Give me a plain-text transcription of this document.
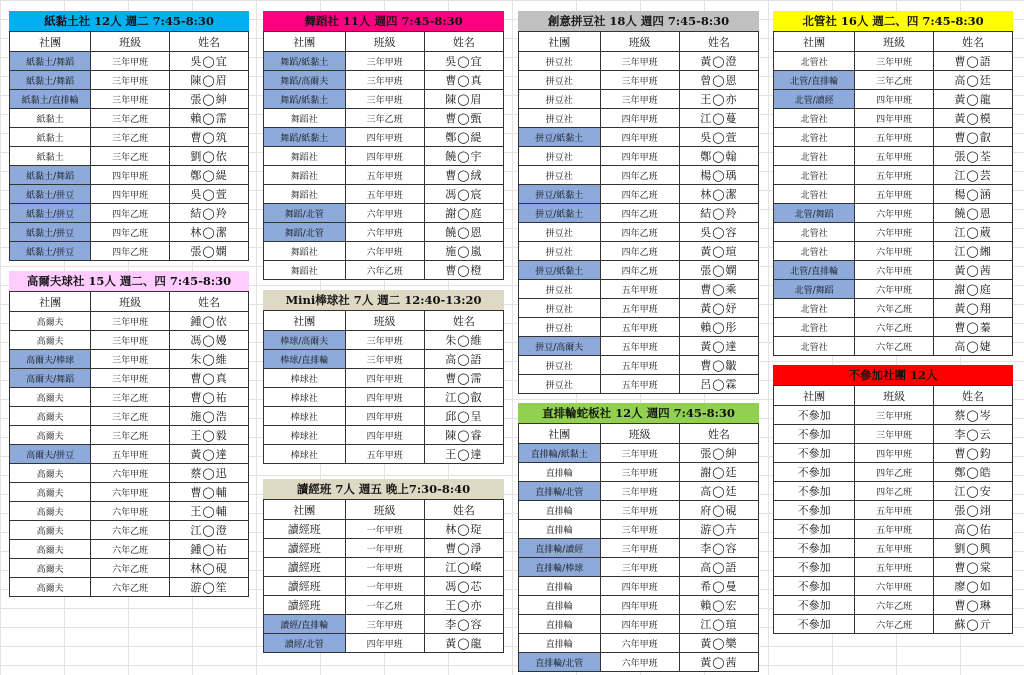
紙黏土社 12人 週二 7:45-8:30
社團	班級	姓名
紙黏土/舞蹈	三年甲班	吳◯宜
紙黏土/舞蹈	三年甲班	陳◯眉
紙黏土/直排輪	三年甲班	張◯紳
紙黏土	三年乙班	賴◯霈
紙黏土	三年乙班	曹◯筑
紙黏土	三年乙班	劉◯依
紙黏土/舞蹈	四年甲班	鄭◯緹
紙黏土/拼豆	四年甲班	吳◯萱
紙黏土/拼豆	四年乙班	結◯羚
紙黏土/拼豆	四年乙班	林◯潔
紙黏土/拼豆	四年乙班	張◯嫻
高爾夫球社 15人 週二、四 7:45-8:30
社團	班級	姓名
高爾夫	三年甲班	鍾◯依
高爾夫	三年甲班	馮◯嫚
高爾夫/棒球	三年甲班	朱◯維
高爾夫/舞蹈	三年甲班	曹◯真
高爾夫	三年乙班	曹◯祐
高爾夫	三年乙班	施◯浩
高爾夫	三年乙班	王◯毅
高爾夫/拼豆	五年甲班	黃◯達
高爾夫	六年甲班	蔡◯迅
高爾夫	六年甲班	曹◯輔
高爾夫	六年甲班	王◯輔
高爾夫	六年乙班	江◯澄
高爾夫	六年乙班	鍾◯祐
高爾夫	六年乙班	林◯硯
高爾夫	六年乙班	游◯笙
舞蹈社 11人 週四 7:45-8:30
社團	班級	姓名
舞蹈/紙黏土	三年甲班	吳◯宜
舞蹈/高爾夫	三年甲班	曹◯真
舞蹈/紙黏土	三年甲班	陳◯眉
舞蹈社	三年乙班	曹◯甄
舞蹈/紙黏土	四年甲班	鄭◯緹
舞蹈社	四年甲班	饒◯宇
舞蹈社	五年甲班	曹◯絨
舞蹈社	五年甲班	馮◯宸
舞蹈/北管	六年甲班	謝◯庭
舞蹈/北管	六年甲班	饒◯恩
舞蹈社	六年甲班	施◯嵐
舞蹈社	六年乙班	曹◯橙
Mini棒球社 7人 週二 12:40-13:20
社團	班級	姓名
棒球/高爾夫	三年甲班	朱◯維
棒球/直排輪	三年甲班	高◯語
棒球社	四年甲班	曹◯霈
棒球社	四年甲班	江◯叡
棒球社	四年甲班	邱◯呈
棒球社	四年甲班	陳◯睿
棒球社	五年甲班	王◯達
讀經班 7人 週五 晚上7:30-8:40
社團	班級	姓名
讀經班	一年甲班	林◯琁
讀經班	一年甲班	曹◯淨
讀經班	一年甲班	江◯嶸
讀經班	一年甲班	馮◯芯
讀經班	一年乙班	王◯亦
讀經/直排輪	三年甲班	李◯容
讀經/北管	四年甲班	黃◯龍
創意拼豆社 18人 週四 7:45-8:30
社團	班級	姓名
拼豆社	三年甲班	黃◯澄
拼豆社	三年甲班	曾◯恩
拼豆社	三年甲班	王◯亦
拼豆社	四年甲班	江◯蔓
拼豆/紙黏土	四年甲班	吳◯萱
拼豆社	四年甲班	鄭◯翰
拼豆社	四年乙班	楊◯瑀
拼豆/紙黏土	四年乙班	林◯潔
拼豆/紙黏土	四年乙班	結◯羚
拼豆社	四年乙班	吳◯容
拼豆社	四年乙班	黃◯瑄
拼豆/紙黏土	四年乙班	張◯嫻
拼豆社	五年甲班	曹◯乘
拼豆社	五年甲班	黃◯妤
拼豆社	五年甲班	賴◯彤
拼豆/高爾夫	五年甲班	黃◯達
拼豆社	五年甲班	曹◯皺
拼豆社	五年甲班	呂◯霖
直排輪蛇板社 12人 週四 7:45-8:30
社團	班級	姓名
直排輪/紙黏土	三年甲班	張◯紳
直排輪	三年甲班	謝◯廷
直排輪/北管	三年甲班	高◯廷
直排輪	三年甲班	府◯硯
直排輪	三年甲班	游◯卉
直排輪/讀經	三年甲班	李◯容
直排輪/棒球	三年甲班	高◯語
直排輪	四年甲班	希◯曼
直排輪	四年甲班	賴◯宏
直排輪	四年甲班	江◯瑄
直排輪	六年甲班	黃◯樂
直排輪/北管	六年甲班	黃◯茜
北管社 16人 週二、四 7:45-8:30
社團	班級	姓名
北管社	三年甲班	曹◯語
北管/直排輪	三年乙班	高◯廷
北管/讀經	四年甲班	黃◯龍
北管社	四年甲班	黃◯模
北管社	五年甲班	曹◯叡
北管社	五年甲班	張◯荃
北管社	五年甲班	江◯芸
北管社	五年甲班	楊◯涵
北管/舞蹈	六年甲班	饒◯恩
北管社	六年甲班	江◯葳
北管社	六年甲班	江◯緗
北管/直排輪	六年甲班	黃◯茜
北管/舞蹈	六年甲班	謝◯庭
北管社	六年乙班	黃◯翔
北管社	六年乙班	曹◯蓁
北管社	六年乙班	高◯婕
不參加社團 12人
社團	班級	姓名
不參加	三年甲班	蔡◯岑
不參加	三年甲班	李◯云
不參加	四年甲班	曹◯鈞
不參加	四年乙班	鄭◯皓
不參加	四年乙班	江◯安
不參加	五年甲班	張◯翊
不參加	五年甲班	高◯佑
不參加	五年甲班	劉◯興
不參加	五年甲班	曹◯棠
不參加	六年甲班	廖◯如
不參加	六年乙班	曹◯琳
不參加	六年乙班	蘇◯亓
